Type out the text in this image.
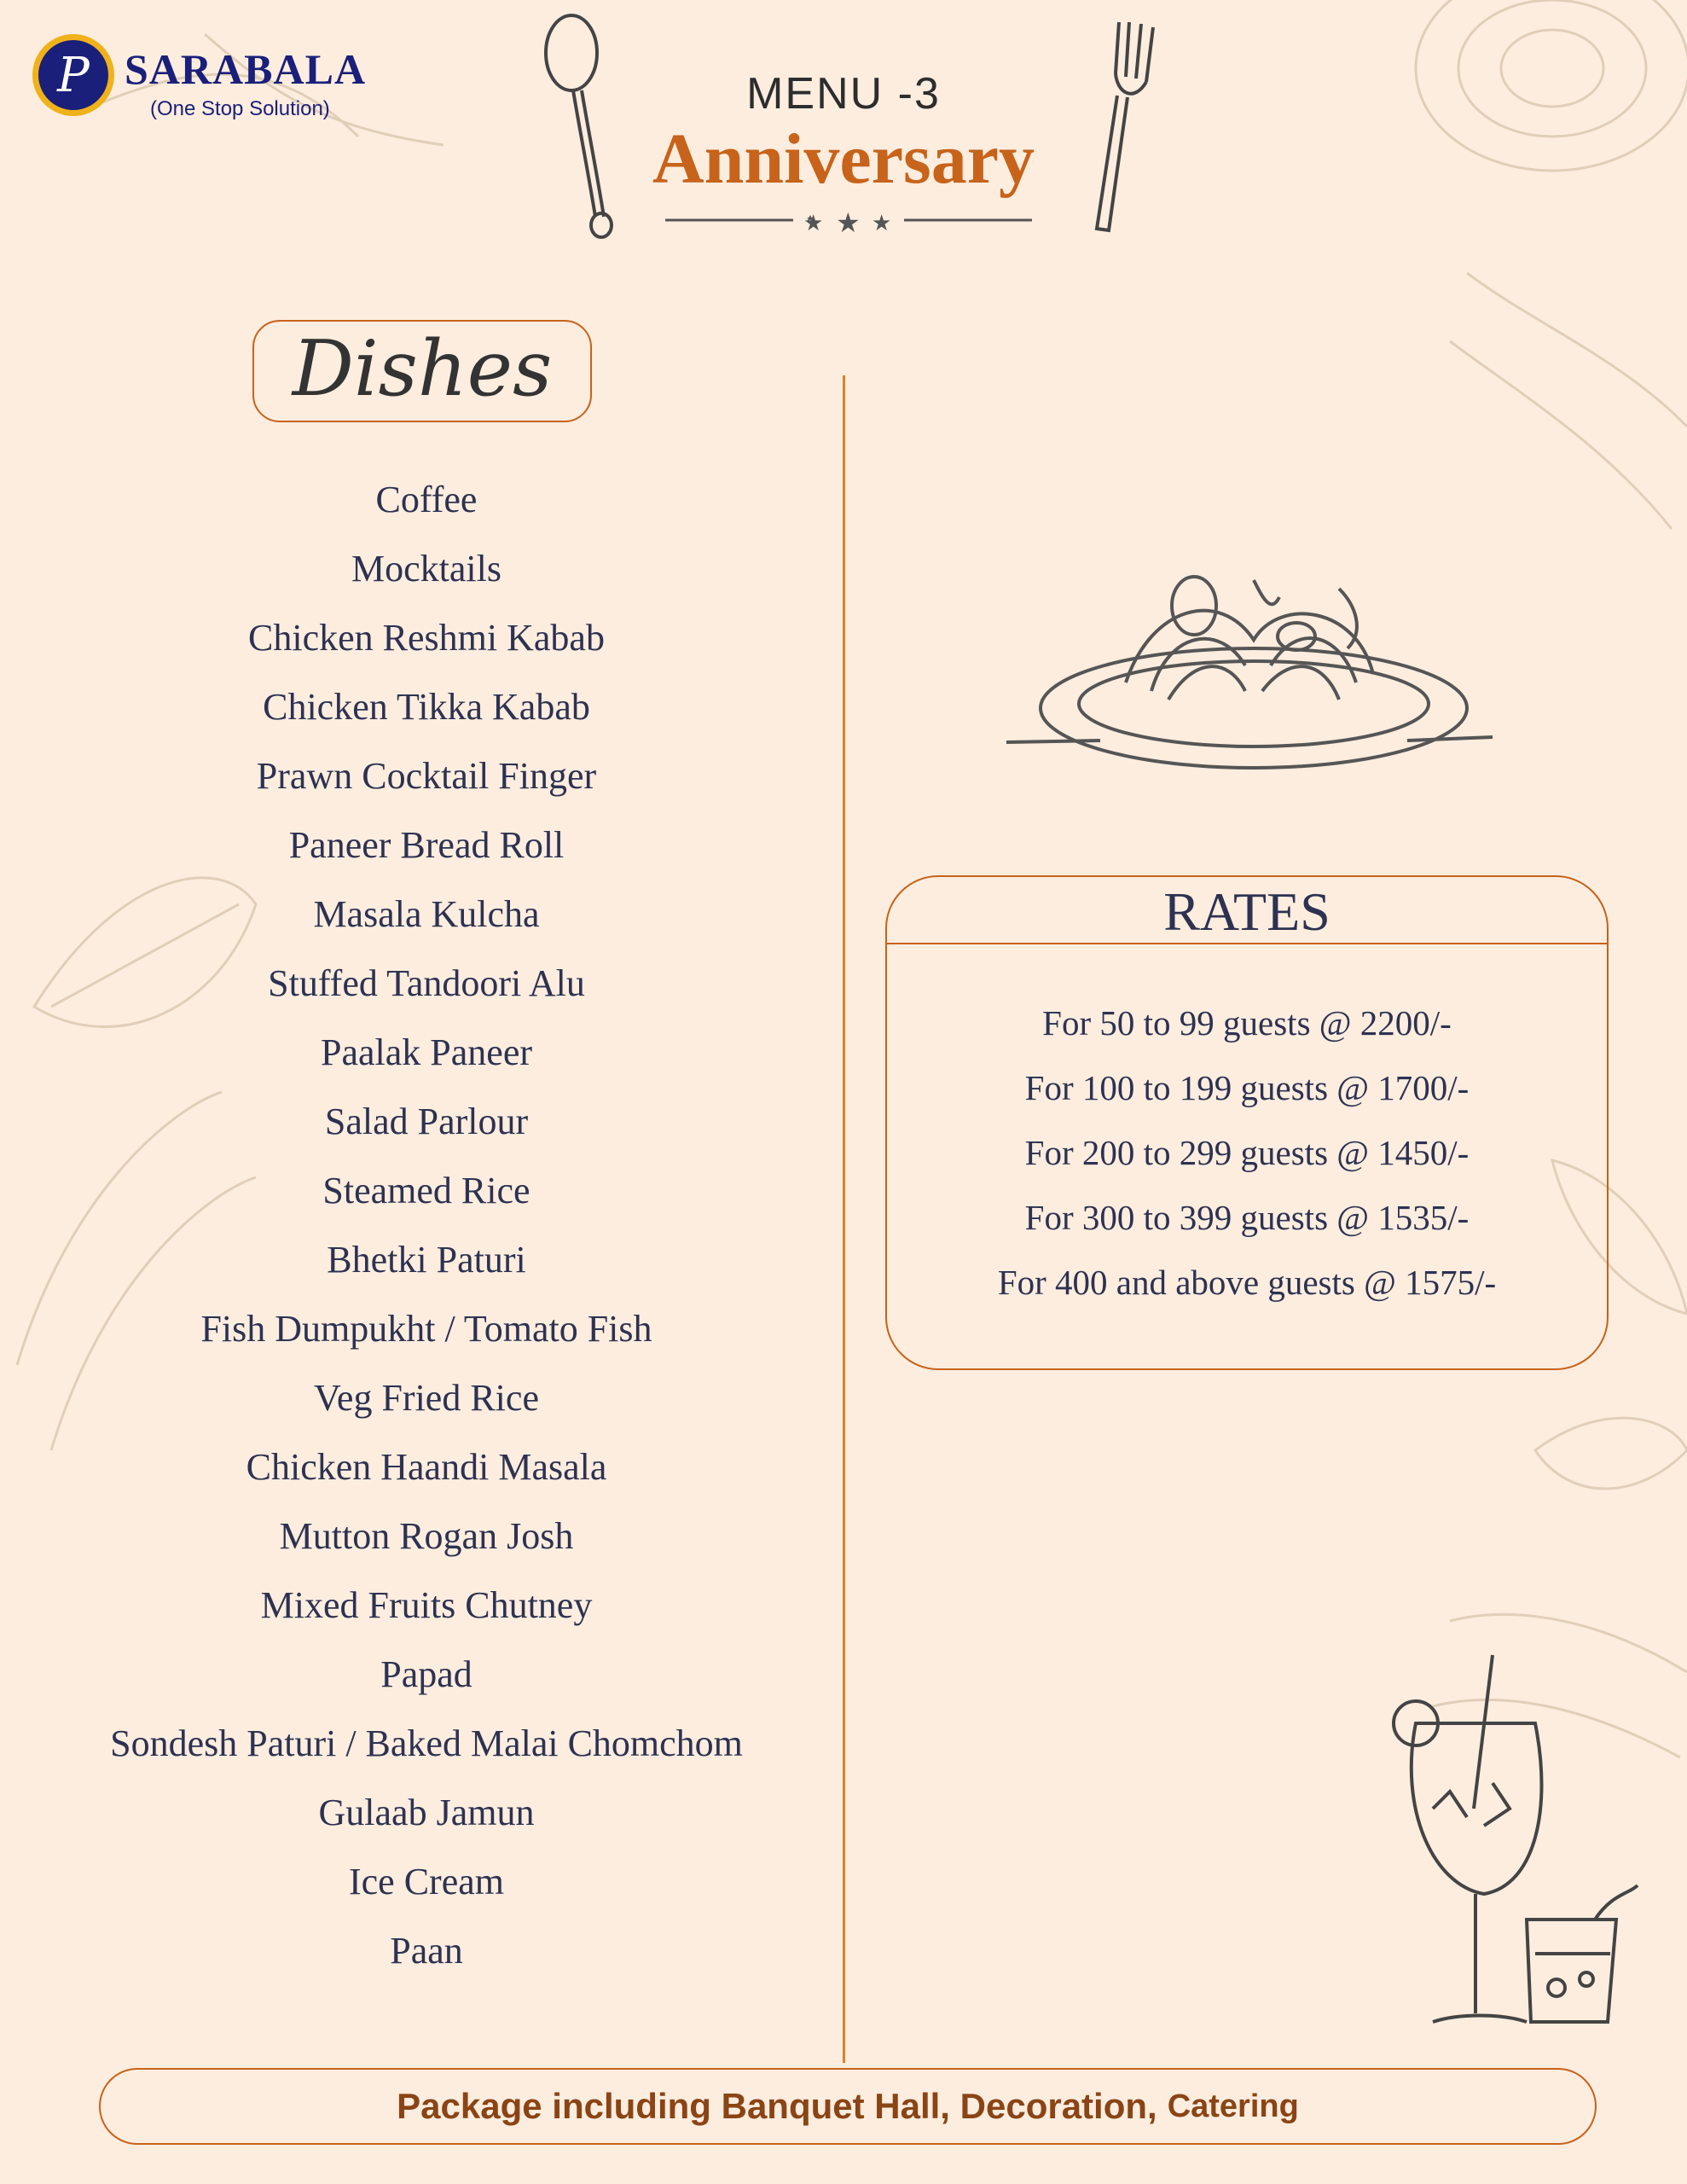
P SARABALA
(One Stop Solution)	MENU -3
Anniversary
★ ★ ★
Dishes
Coffee
Mocktails
Chicken Reshmi Kabab
Chicken Tikka Kabab
Prawn Cocktail Finger
Paneer Bread Roll
Masala Kulcha
Stuffed Tandoori Alu
Paalak Paneer
Salad Parlour
Steamed Rice
Bhetki Paturi
Fish Dumpukht / Tomato Fish
Veg Fried Rice
Chicken Haandi Masala
Mutton Rogan Josh
Mixed Fruits Chutney
Papad
Sondesh Paturi / Baked Malai Chomchom
Gulaab Jamun
Ice Cream
Paan
RATES
For 50 to 99 guests @ 2200/-
For 100 to 199 guests @ 1700/-
For 200 to 299 guests @ 1450/-
For 300 to 399 guests @ 1535/-
For 400 and above guests @ 1575/-
Package including Banquet Hall, Decoration, Catering
